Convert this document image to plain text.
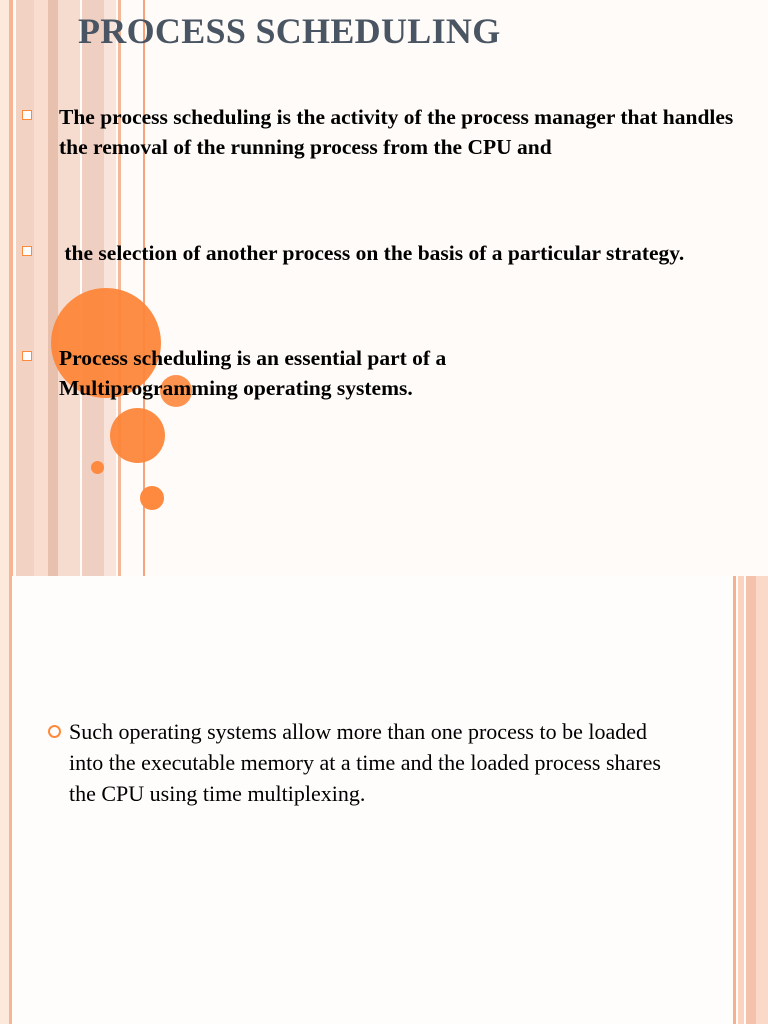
PROCESS SCHEDULING
The process scheduling is the activity of the process manager that handles the removal of the running process from the CPU and
the selection of another process on the basis of a particular strategy.
Process scheduling is an essential part of a Multiprogramming operating systems.
Such operating systems allow more than one process to be loaded into the executable memory at a time and the loaded process shares the CPU using time multiplexing.
